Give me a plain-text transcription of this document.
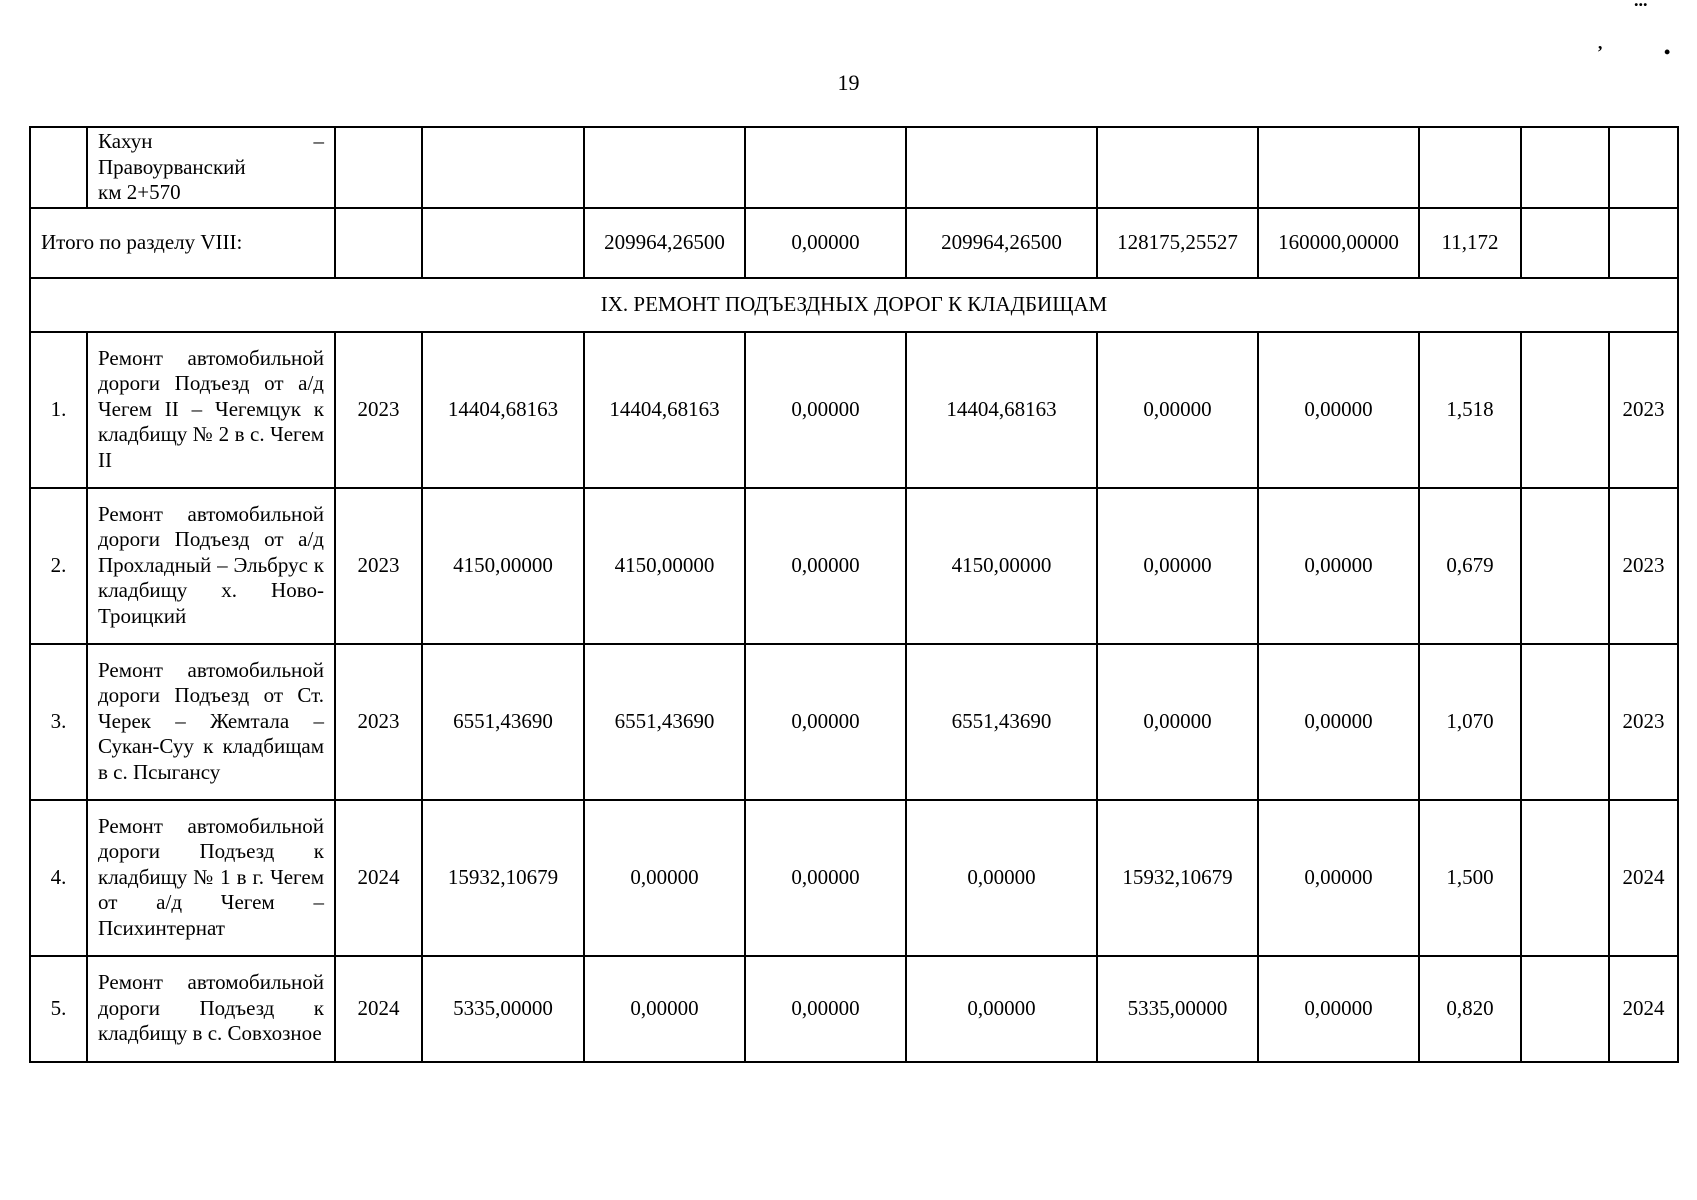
19
’	•
...

	Кахун –
Правоурванский
км 2+570										

Итого по разделу VIII:				209964,26500	0,00000	209964,26500	128175,25527	160000,00000	11,172		
IX. РЕМОНТ ПОДЪЕЗДНЫХ ДОРОГ К КЛАДБИЩАМ											
1.	Ремонт автомобильной дороги Подъезд от а/д Чегем II – Чегемцук к кладбищу № 2 в с. Чегем II	2023	14404,68163	14404,68163	0,00000	14404,68163	0,00000	0,00000	1,518		2023
2.	Ремонт автомобильной дороги Подъезд от а/д Прохладный – Эльбрус к кладбищу х. Ново-Троицкий	2023	4150,00000	4150,00000	0,00000	4150,00000	0,00000	0,00000	0,679		2023
3.	Ремонт автомобильной дороги Подъезд от Ст. Черек – Жемтала – Сукан-Суу к кладбищам в с. Псыгансу	2023	6551,43690	6551,43690	0,00000	6551,43690	0,00000	0,00000	1,070		2023
4.	Ремонт автомобильной дороги Подъезд к кладбищу № 1 в г. Чегем от а/д Чегем – Психинтернат	2024	15932,10679	0,00000	0,00000	0,00000	15932,10679	0,00000	1,500		2024
5.	Ремонт автомобильной дороги Подъезд к кладбищу в с. Совхозное	2024	5335,00000	0,00000	0,00000	0,00000	5335,00000	0,00000	0,820		2024
